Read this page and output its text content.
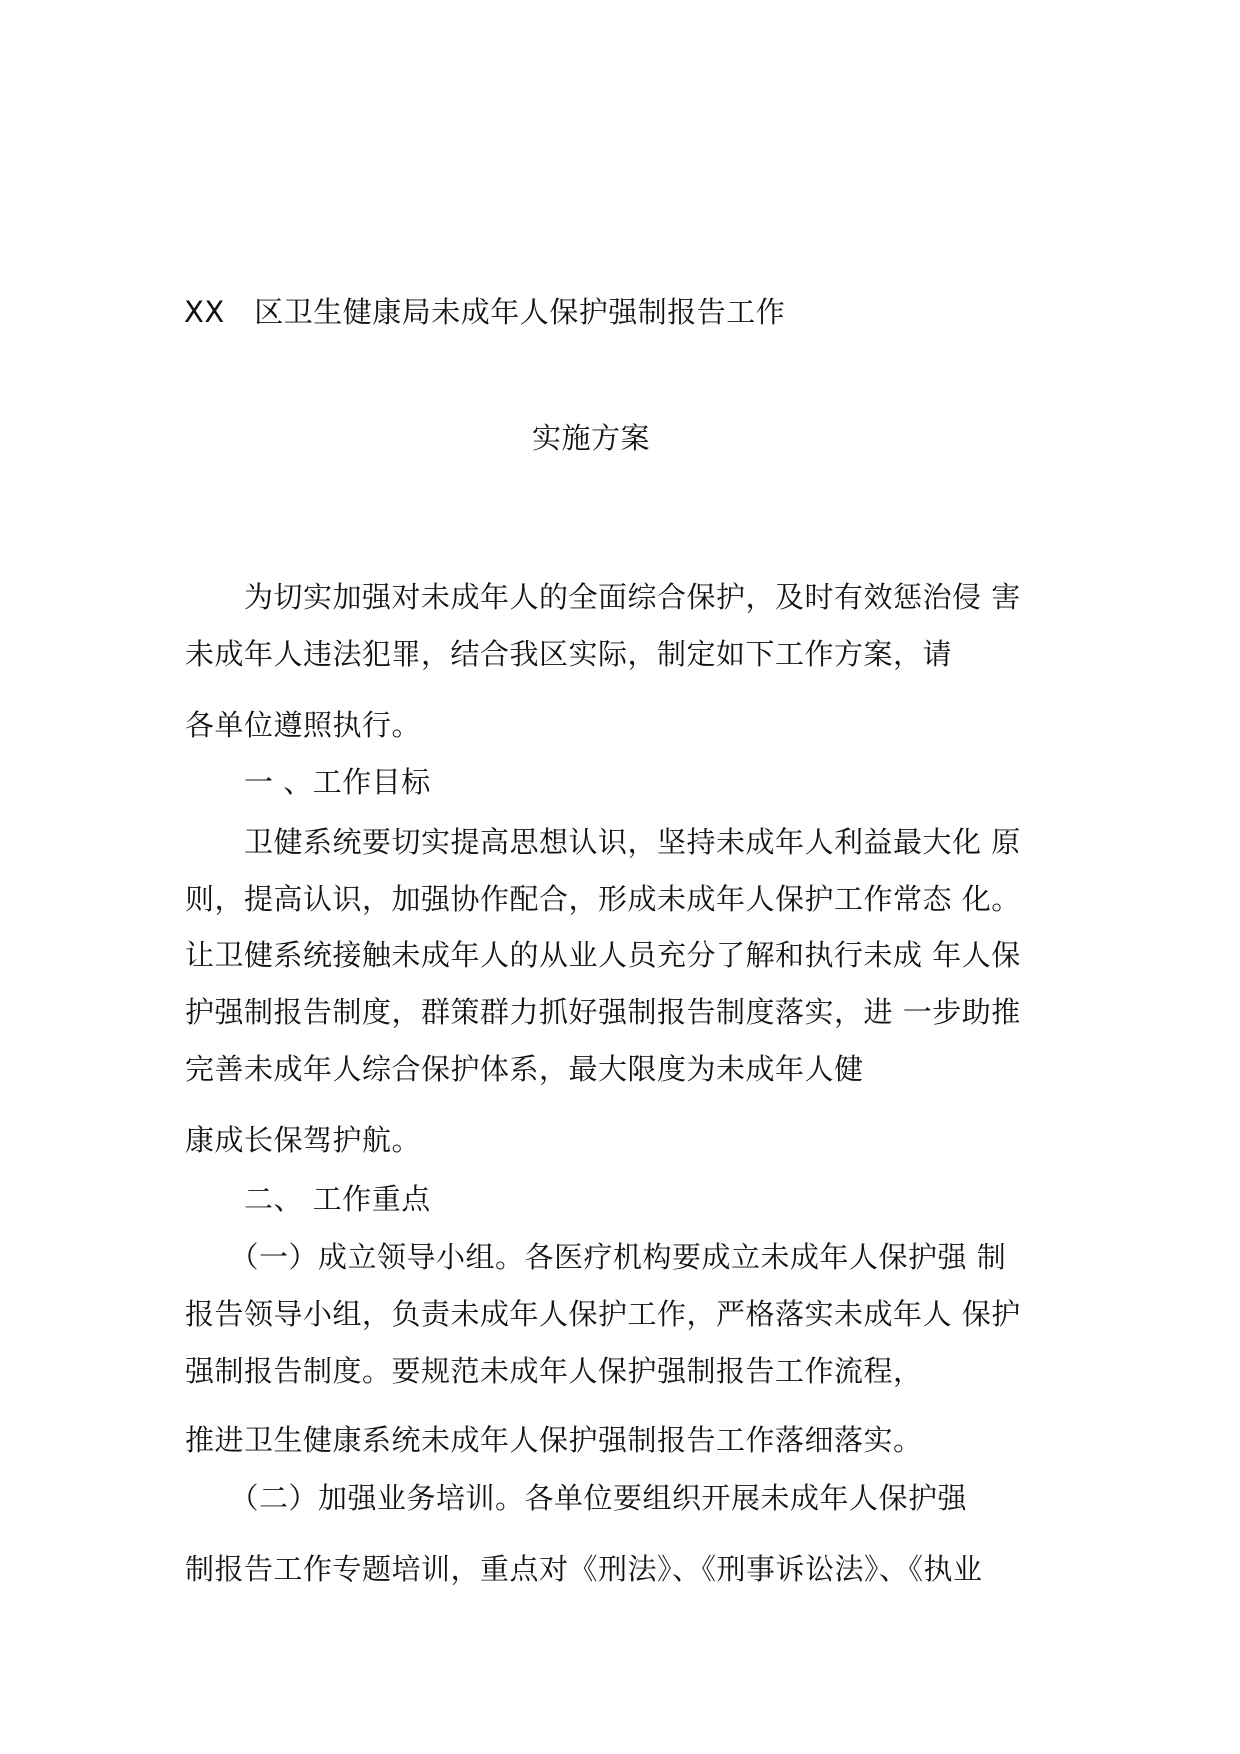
XX　区卫生健康局未成年人保护强制报告工作
实施方案
　　为切实加强对未成年人的全面综合保护，及时有效惩治侵 害
未成年人违法犯罪，结合我区实际，制定如下工作方案，请
各单位遵照执行。
　　一 、工作目标
　　卫健系统要切实提高思想认识，坚持未成年人利益最大化 原
则，提高认识，加强协作配合，形成未成年人保护工作常态 化。
让卫健系统接触未成年人的从业人员充分了解和执行未成 年人保
护强制报告制度，群策群力抓好强制报告制度落实，进 一步助推
完善未成年人综合保护体系，最大限度为未成年人健
康成长保驾护航。
　　二、 工作重点
　　（一）成立领导小组。各医疗机构要成立未成年人保护强 制
报告领导小组，负责未成年人保护工作，严格落实未成年人 保护
强制报告制度。要规范未成年人保护强制报告工作流程，
推进卫生健康系统未成年人保护强制报告工作落细落实。
　　（二）加强业务培训。各单位要组织开展未成年人保护强
制报告工作专题培训，重点对《刑法》、《刑事诉讼法》、《执业
